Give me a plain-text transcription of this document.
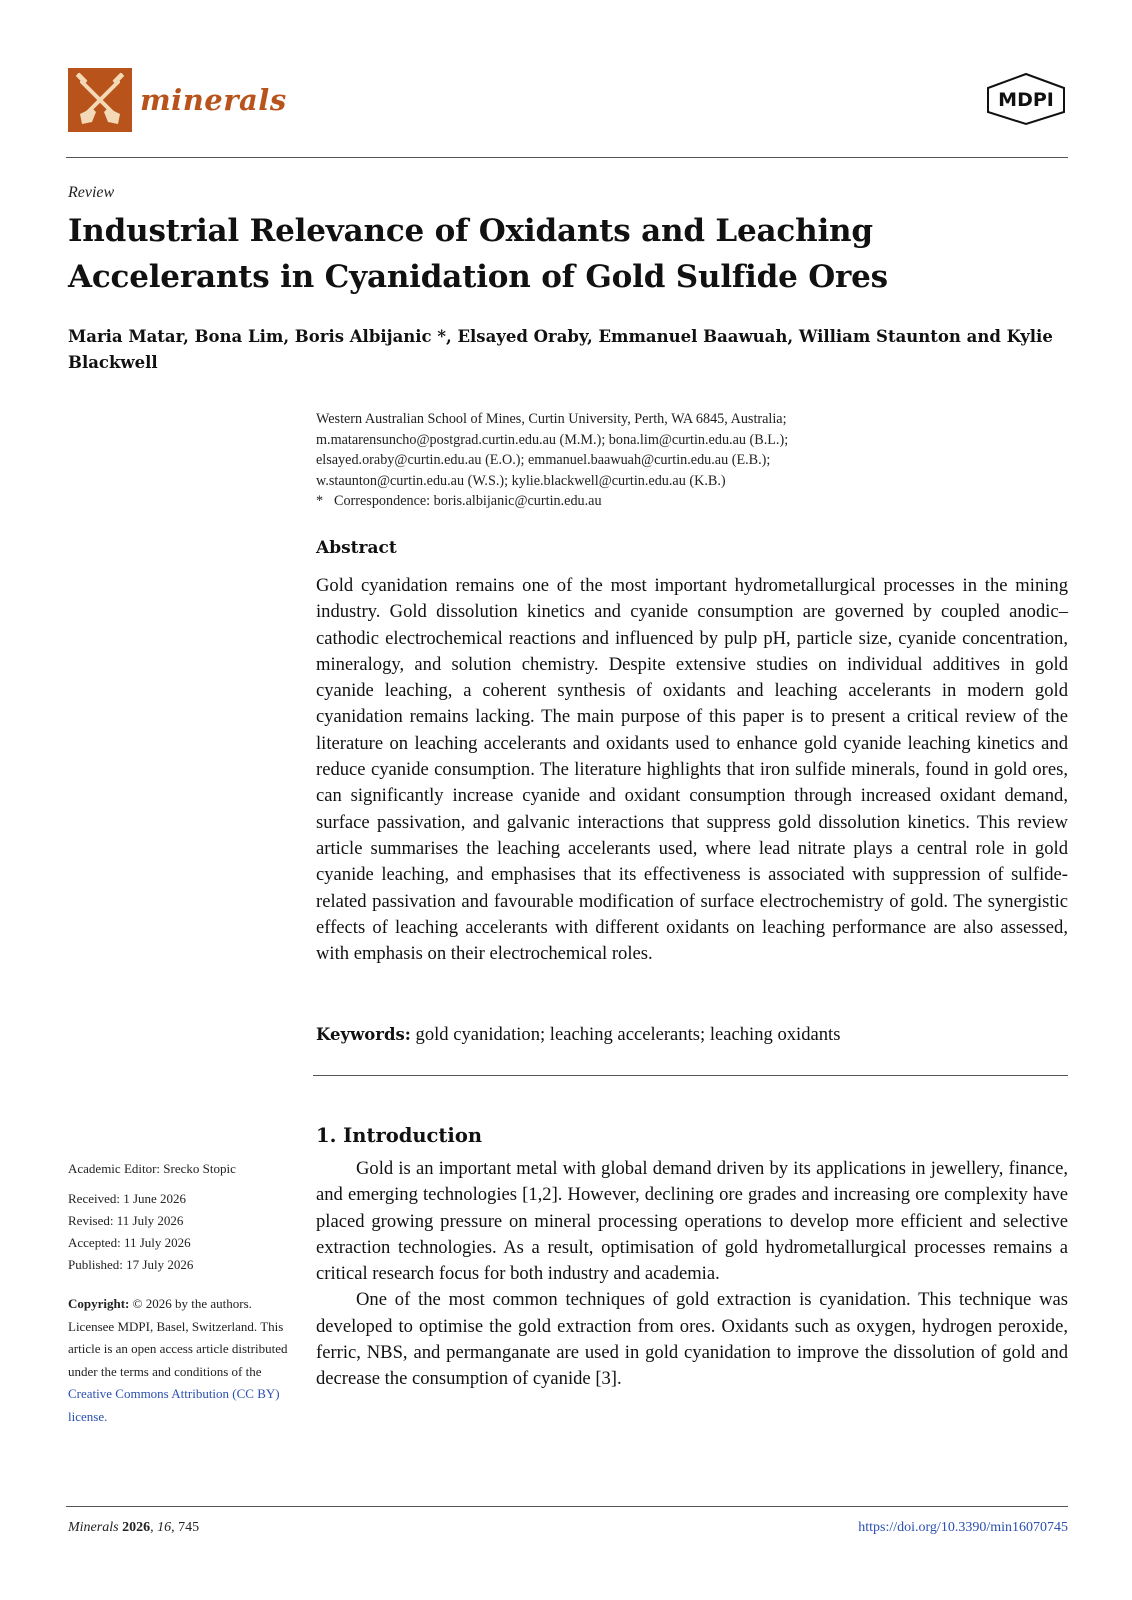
minerals	MDPI
Review
Industrial Relevance of Oxidants and Leaching Accelerants in Cyanidation of Gold Sulfide Ores
Maria Matar, Bona Lim, Boris Albijanic *, Elsayed Oraby, Emmanuel Baawuah, William Staunton and Kylie Blackwell
Western Australian School of Mines, Curtin University, Perth, WA 6845, Australia;
m.matarensuncho@postgrad.curtin.edu.au (M.M.); bona.lim@curtin.edu.au (B.L.);
elsayed.oraby@curtin.edu.au (E.O.); emmanuel.baawuah@curtin.edu.au (E.B.);
w.staunton@curtin.edu.au (W.S.); kylie.blackwell@curtin.edu.au (K.B.)
* Correspondence: boris.albijanic@curtin.edu.au
Abstract

Gold cyanidation remains one of the most important hydrometallurgical processes in the mining industry. Gold dissolution kinetics and cyanide consumption are governed by coupled anodic–cathodic electrochemical reactions and influenced by pulp pH, particle size, cyanide concentration, mineralogy, and solution chemistry. Despite extensive studies on individual additives in gold cyanide leaching, a coherent synthesis of oxidants and leaching accelerants in modern gold cyanidation remains lacking. The main purpose of this paper is to present a critical review of the literature on leaching accelerants and oxidants used to enhance gold cyanide leaching kinetics and reduce cyanide consumption. The literature highlights that iron sulfide minerals, found in gold ores, can significantly increase cyanide and oxidant consumption through increased oxidant demand, surface passivation, and galvanic interactions that suppress gold dissolution kinetics. This review article summarises the leaching accelerants used, where lead nitrate plays a central role in gold cyanide leaching, and emphasises that its effectiveness is associated with suppression of sulfide-related passivation and favourable modification of surface electrochemistry of gold. The synergistic effects of leaching accelerants with different oxidants on leaching performance are also assessed, with emphasis on their electrochemical roles.

Keywords: gold cyanidation; leaching accelerants; leaching oxidants
1. Introduction

Gold is an important metal with global demand driven by its applications in jewellery, finance, and emerging technologies [1,2]. However, declining ore grades and increasing ore complexity have placed growing pressure on mineral processing operations to develop more efficient and selective extraction technologies. As a result, optimisation of gold hydrometallurgical processes remains a critical research focus for both industry and academia.

One of the most common techniques of gold extraction is cyanidation. This technique was developed to optimise the gold extraction from ores. Oxidants such as oxygen, hydrogen peroxide, ferric, NBS, and permanganate are used in gold cyanidation to improve the dissolution of gold and decrease the consumption of cyanide [3].

Academic Editor: Srecko Stopic
Received: 1 June 2026
Revised: 11 July 2026
Accepted: 11 July 2026
Published: 17 July 2026
Copyright: © 2026 by the authors. Licensee MDPI, Basel, Switzerland. This article is an open access article distributed under the terms and conditions of the Creative Commons Attribution (CC BY) license.
Minerals 2026, 16, 745	https://doi.org/10.3390/min16070745
